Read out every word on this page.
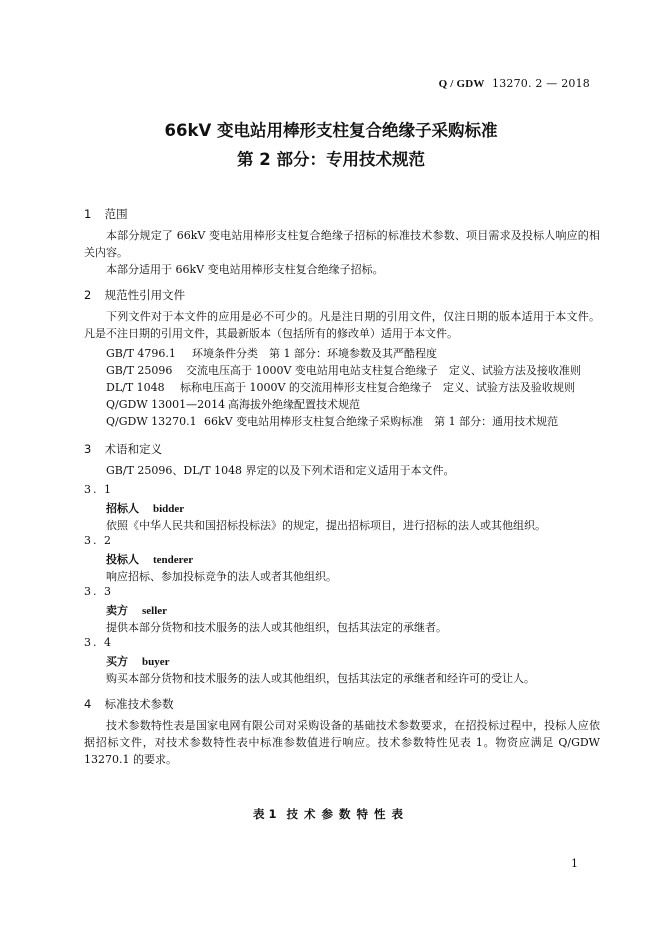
Q / GDW 13270. 2 — 2018
66kV 变电站用棒形支柱复合绝缘子采购标准
第 2 部分：专用技术规范
1 范围
本部分规定了 66kV 变电站用棒形支柱复合绝缘子招标的标准技术参数、项目需求及投标人响应的相关内容。
本部分适用于 66kV 变电站用棒形支柱复合绝缘子招标。
2 规范性引用文件
下列文件对于本文件的应用是必不可少的。凡是注日期的引用文件，仅注日期的版本适用于本文件。凡是不注日期的引用文件，其最新版本（包括所有的修改单）适用于本文件。
GB/T 4796.1 环境条件分类　第 1 部分：环境参数及其严酷程度
GB/T 25096 交流电压高于 1000V 变电站用电站支柱复合绝缘子　定义、试验方法及接收准则
DL/T 1048 标称电压高于 1000V 的交流用棒形支柱复合绝缘子　定义、试验方法及验收规则
Q/GDW 13001—2014 高海拔外绝缘配置技术规范
Q/GDW 13270.1 66kV 变电站用棒形支柱复合绝缘子采购标准　第 1 部分：通用技术规范
3 术语和定义
GB/T 25096、DL/T 1048 界定的以及下列术语和定义适用于本文件。
3. 1
招标人 bidder
依照《中华人民共和国招标投标法》的规定，提出招标项目，进行招标的法人或其他组织。
3. 2
投标人 tenderer
响应招标、参加投标竞争的法人或者其他组织。
3. 3
卖方 seller
提供本部分货物和技术服务的法人或其他组织，包括其法定的承继者。
3. 4
买方 buyer
购买本部分货物和技术服务的法人或其他组织，包括其法定的承继者和经许可的受让人。
4 标准技术参数
技术参数特性表是国家电网有限公司对采购设备的基础技术参数要求，在招投标过程中，投标人应依据招标文件，对技术参数特性表中标准参数值进行响应。技术参数特性见表 1。物资应满足 Q/GDW 13270.1 的要求。
表 1 技术参数特性表
1
